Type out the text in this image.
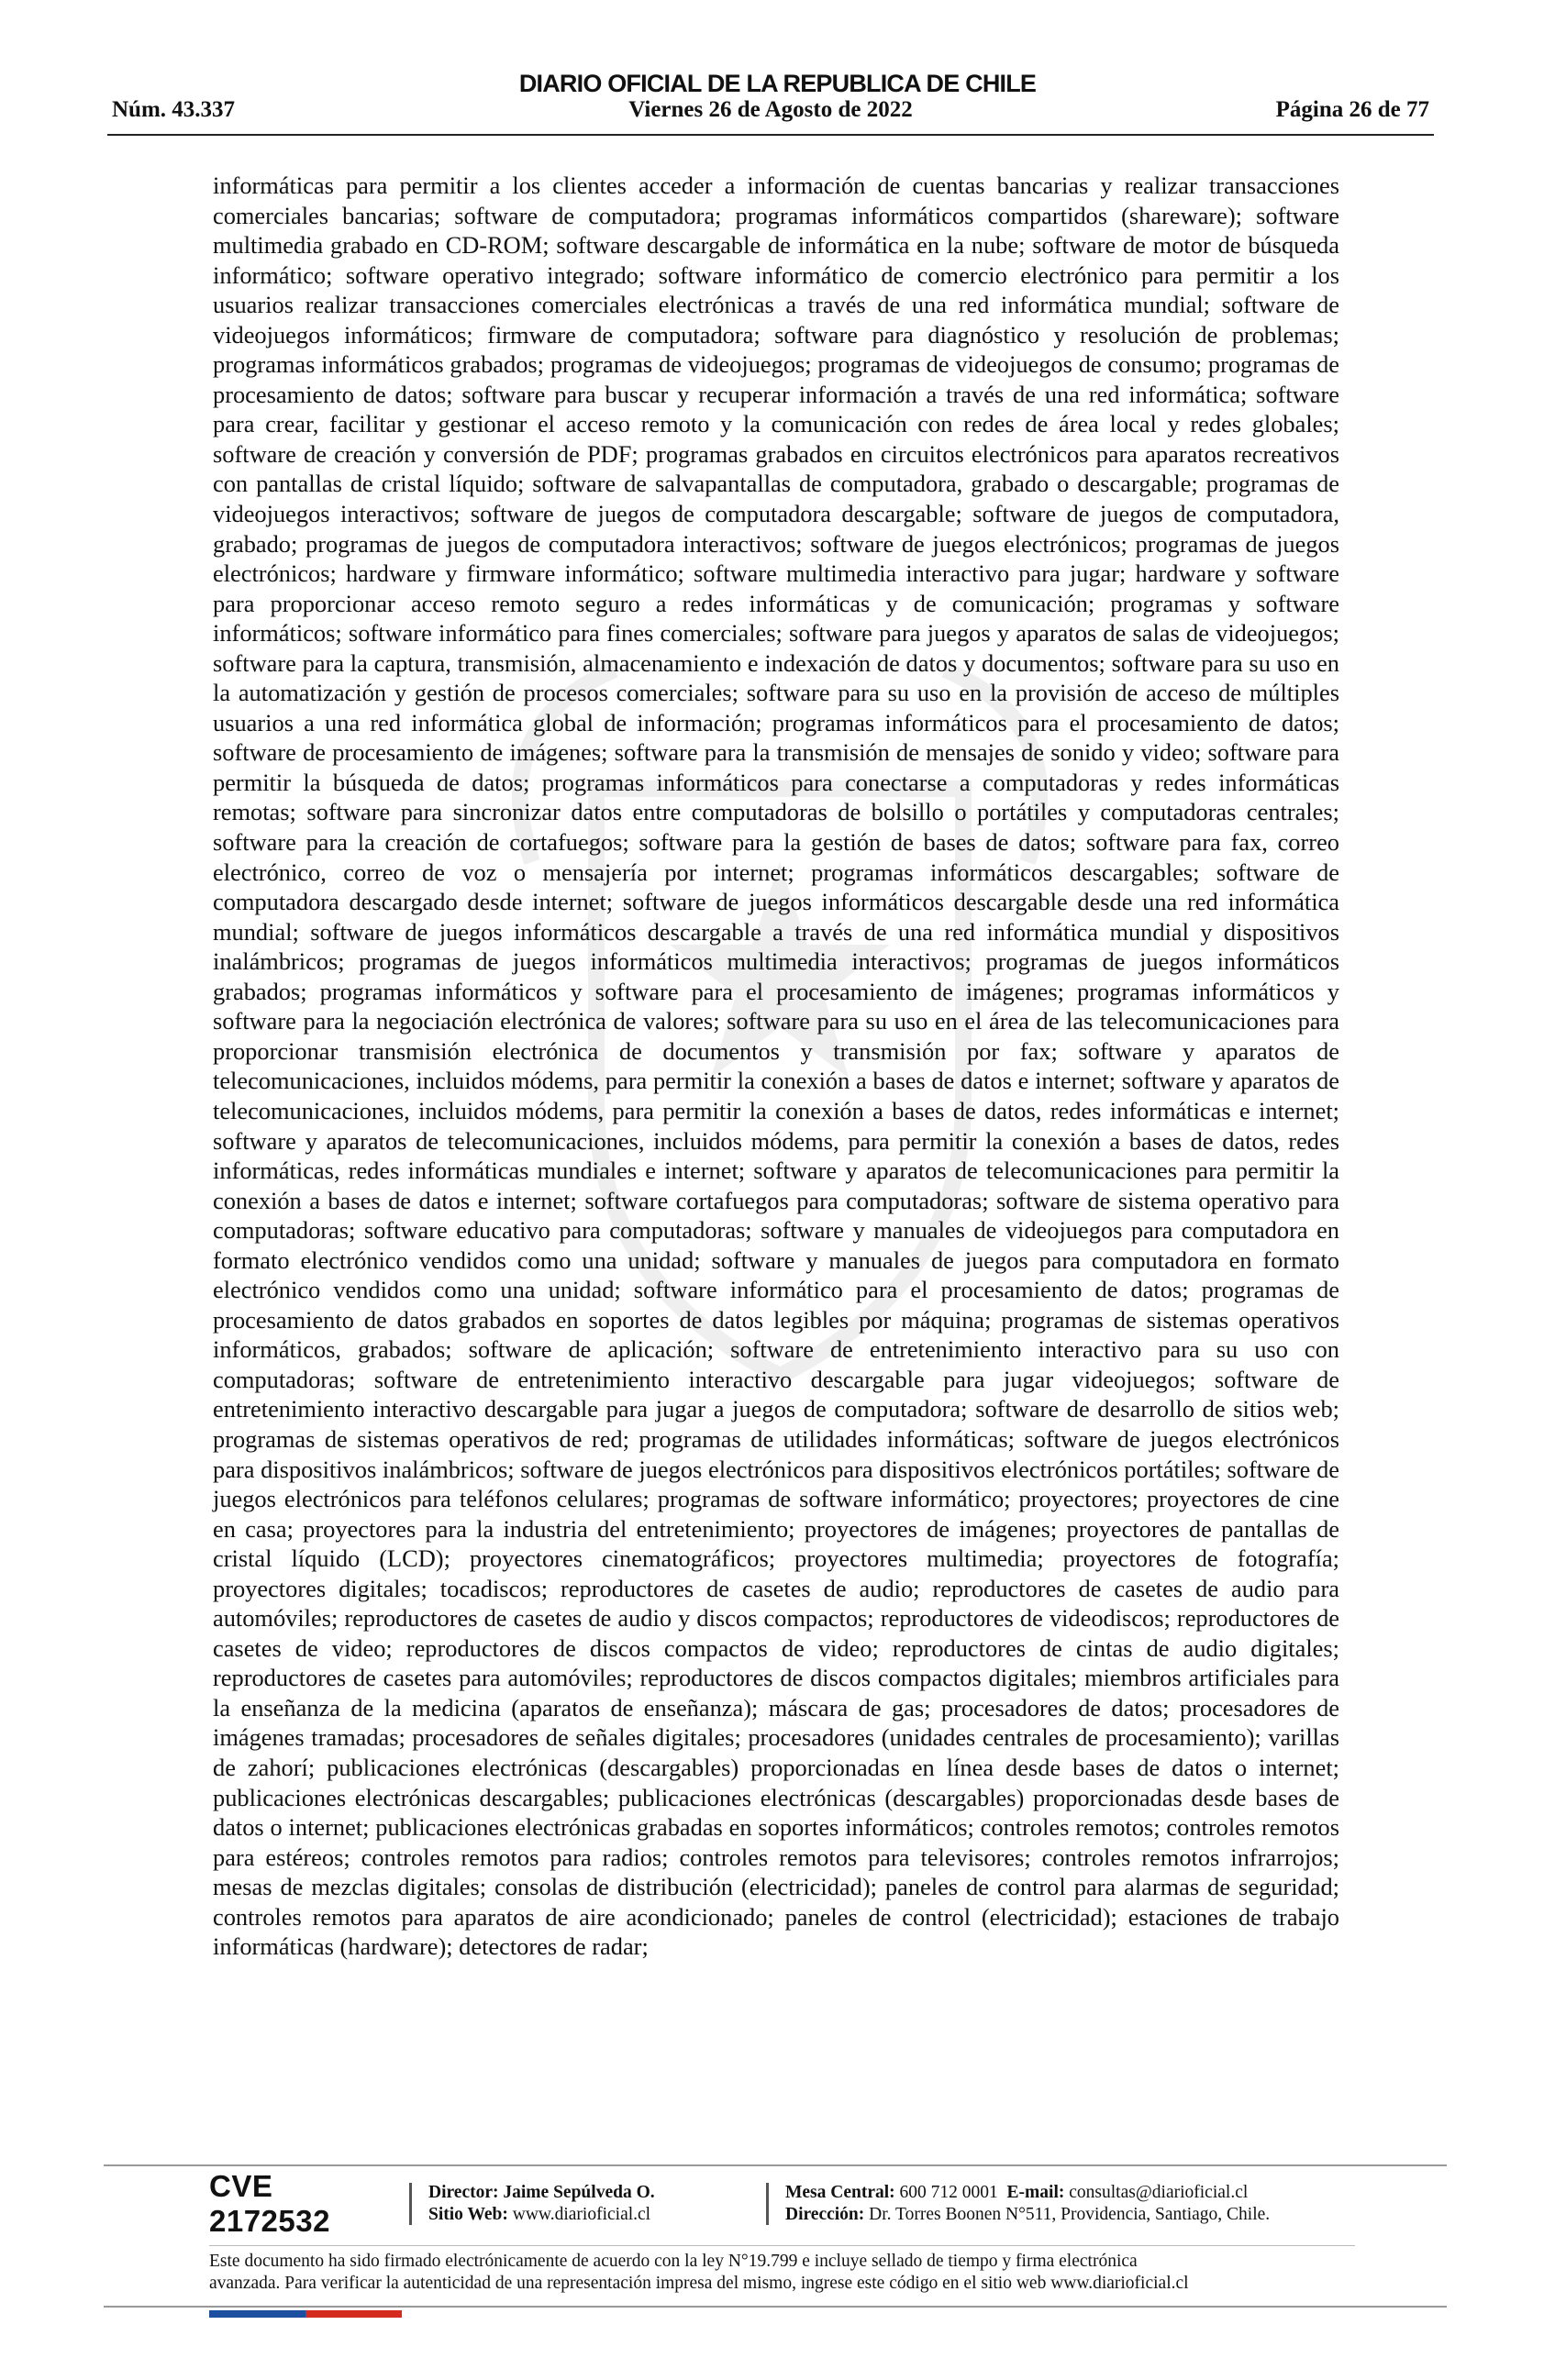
DIARIO OFICIAL DE LA REPUBLICA DE CHILE
Núm. 43.337	Viernes 26 de Agosto de 2022	Página 26 de 77

informáticas para permitir a los clientes acceder a información de cuentas bancarias y realizar transacciones comerciales bancarias; software de computadora; programas informáticos compartidos (shareware); software multimedia grabado en CD-ROM; software descargable de informática en la nube; software de motor de búsqueda informático; software operativo integrado; software informático de comercio electrónico para permitir a los usuarios realizar transacciones comerciales electrónicas a través de una red informática mundial; software de videojuegos informáticos; firmware de computadora; software para diagnóstico y resolución de problemas; programas informáticos grabados; programas de videojuegos; programas de videojuegos de consumo; programas de procesamiento de datos; software para buscar y recuperar información a través de una red informática; software para crear, facilitar y gestionar el acceso remoto y la comunicación con redes de área local y redes globales; software de creación y conversión de PDF; programas grabados en circuitos electrónicos para aparatos recreativos con pantallas de cristal líquido; software de salvapantallas de computadora, grabado o descargable; programas de videojuegos interactivos; software de juegos de computadora descargable; software de juegos de computadora, grabado; programas de juegos de computadora interactivos; software de juegos electrónicos; programas de juegos electrónicos; hardware y firmware informático; software multimedia interactivo para jugar; hardware y software para proporcionar acceso remoto seguro a redes informáticas y de comunicación; programas y software informáticos; software informático para fines comerciales; software para juegos y aparatos de salas de videojuegos; software para la captura, transmisión, almacenamiento e indexación de datos y documentos; software para su uso en la automatización y gestión de procesos comerciales; software para su uso en la provisión de acceso de múltiples usuarios a una red informática global de información; programas informáticos para el procesamiento de datos; software de procesamiento de imágenes; software para la transmisión de mensajes de sonido y video; software para permitir la búsqueda de datos; programas informáticos para conectarse a computadoras y redes informáticas remotas; software para sincronizar datos entre computadoras de bolsillo o portátiles y computadoras centrales; software para la creación de cortafuegos; software para la gestión de bases de datos; software para fax, correo electrónico, correo de voz o mensajería por internet; programas informáticos descargables; software de computadora descargado desde internet; software de juegos informáticos descargable desde una red informática mundial; software de juegos informáticos descargable a través de una red informática mundial y dispositivos inalámbricos; programas de juegos informáticos multimedia interactivos; programas de juegos informáticos grabados; programas informáticos y software para el procesamiento de imágenes; programas informáticos y software para la negociación electrónica de valores; software para su uso en el área de las telecomunicaciones para proporcionar transmisión electrónica de documentos y transmisión por fax; software y aparatos de telecomunicaciones, incluidos módems, para permitir la conexión a bases de datos e internet; software y aparatos de telecomunicaciones, incluidos módems, para permitir la conexión a bases de datos, redes informáticas e internet; software y aparatos de telecomunicaciones, incluidos módems, para permitir la conexión a bases de datos, redes informáticas, redes informáticas mundiales e internet; software y aparatos de telecomunicaciones para permitir la conexión a bases de datos e internet; software cortafuegos para computadoras; software de sistema operativo para computadoras; software educativo para computadoras; software y manuales de videojuegos para computadora en formato electrónico vendidos como una unidad; software y manuales de juegos para computadora en formato electrónico vendidos como una unidad; software informático para el procesamiento de datos; programas de procesamiento de datos grabados en soportes de datos legibles por máquina; programas de sistemas operativos informáticos, grabados; software de aplicación; software de entretenimiento interactivo para su uso con computadoras; software de entretenimiento interactivo descargable para jugar videojuegos; software de entretenimiento interactivo descargable para jugar a juegos de computadora; software de desarrollo de sitios web; programas de sistemas operativos de red; programas de utilidades informáticas; software de juegos electrónicos para dispositivos inalámbricos; software de juegos electrónicos para dispositivos electrónicos portátiles; software de juegos electrónicos para teléfonos celulares; programas de software informático; proyectores; proyectores de cine en casa; proyectores para la industria del entretenimiento; proyectores de imágenes; proyectores de pantallas de cristal líquido (LCD); proyectores cinematográficos; proyectores multimedia; proyectores de fotografía; proyectores digitales; tocadiscos; reproductores de casetes de audio; reproductores de casetes de audio para automóviles; reproductores de casetes de audio y discos compactos; reproductores de videodiscos; reproductores de casetes de video; reproductores de discos compactos de video; reproductores de cintas de audio digitales; reproductores de casetes para automóviles; reproductores de discos compactos digitales; miembros artificiales para la enseñanza de la medicina (aparatos de enseñanza); máscara de gas; procesadores de datos; procesadores de imágenes tramadas; procesadores de señales digitales; procesadores (unidades centrales de procesamiento); varillas de zahorí; publicaciones electrónicas (descargables) proporcionadas en línea desde bases de datos o internet; publicaciones electrónicas descargables; publicaciones electrónicas (descargables) proporcionadas desde bases de datos o internet; publicaciones electrónicas grabadas en soportes informáticos; controles remotos; controles remotos para estéreos; controles remotos para radios; controles remotos para televisores; controles remotos infrarrojos; mesas de mezclas digitales; consolas de distribución (electricidad); paneles de control para alarmas de seguridad; controles remotos para aparatos de aire acondicionado; paneles de control (electricidad); estaciones de trabajo informáticas (hardware); detectores de radar;

CVE 2172532
Director: Jaime Sepúlveda O.
Sitio Web: www.diarioficial.cl
Mesa Central: 600 712 0001 E-mail: consultas@diarioficial.cl
Dirección: Dr. Torres Boonen N°511, Providencia, Santiago, Chile.
Este documento ha sido firmado electrónicamente de acuerdo con la ley N°19.799 e incluye sellado de tiempo y firma electrónica
avanzada. Para verificar la autenticidad de una representación impresa del mismo, ingrese este código en el sitio web www.diarioficial.cl
